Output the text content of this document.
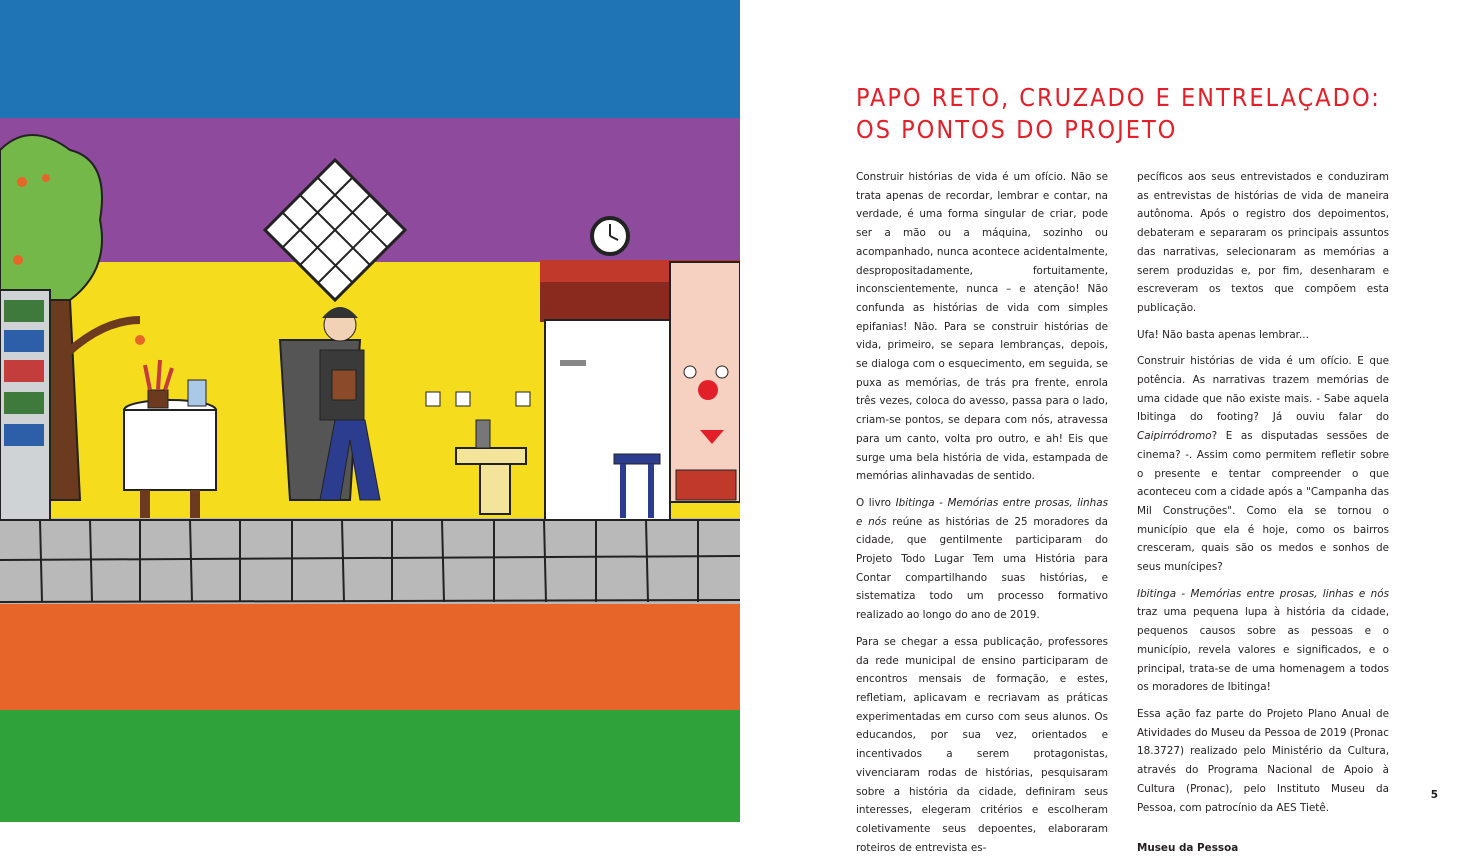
PAPO RETO, CRUZADO E ENTRELAÇADO:
OS PONTOS DO PROJETO

Construir histórias de vida é um ofício. Não se trata apenas de recordar, lembrar e contar, na verdade, é uma forma singular de criar, pode ser a mão ou a máquina, sozinho ou acompanhado, nunca acontece acidentalmente, despropositadamente, fortuitamente, inconscientemente, nunca – e atenção! Não confunda as histórias de vida com simples epifanias! Não. Para se construir histórias de vida, primeiro, se separa lembranças, depois, se dialoga com o esquecimento, em seguida, se puxa as memórias, de trás pra frente, enrola três vezes, coloca do avesso, passa para o lado, criam-se pontos, se depara com nós, atravessa para um canto, volta pro outro, e ah! Eis que surge uma bela história de vida, estampada de memórias alinhavadas de sentido.

O livro Ibitinga - Memórias entre prosas, linhas e nós reúne as histórias de 25 moradores da cidade, que gentilmente participaram do Projeto Todo Lugar Tem uma História para Contar compartilhando suas histórias, e sistematiza todo um processo formativo realizado ao longo do ano de 2019.

Para se chegar a essa publicação, professores da rede municipal de ensino participaram de encontros mensais de formação, e estes, refletiam, aplicavam e recriavam as práticas experimentadas em curso com seus alunos. Os educandos, por sua vez, orientados e incentivados a serem protagonistas, vivenciaram rodas de histórias, pesquisaram sobre a história da cidade, definiram seus interesses, elegeram critérios e escolheram coletivamente seus depoentes, elaboraram roteiros de entrevista es-

pecíficos aos seus entrevistados e conduziram as entrevistas de histórias de vida de maneira autônoma. Após o registro dos depoimentos, debateram e separaram os principais assuntos das narrativas, selecionaram as memórias a serem produzidas e, por fim, desenharam e escreveram os textos que compõem esta publicação.

Ufa! Não basta apenas lembrar...

Construir histórias de vida é um ofício. E que potência. As narrativas trazem memórias de uma cidade que não existe mais. - Sabe aquela Ibitinga do footing? Já ouviu falar do Caipirródromo? E as disputadas sessões de cinema? -. Assim como permitem refletir sobre o presente e tentar compreender o que aconteceu com a cidade após a "Campanha das Mil Construções". Como ela se tornou o município que ela é hoje, como os bairros cresceram, quais são os medos e sonhos de seus munícipes?

Ibitinga - Memórias entre prosas, linhas e nós traz uma pequena lupa à história da cidade, pequenos causos sobre as pessoas e o município, revela valores e significados, e o principal, trata-se de uma homenagem a todos os moradores de Ibitinga!

Essa ação faz parte do Projeto Plano Anual de Atividades do Museu da Pessoa de 2019 (Pronac 18.3727) realizado pelo Ministério da Cultura, através do Programa Nacional de Apoio à Cultura (Pronac), pelo Instituto Museu da Pessoa, com patrocínio da AES Tietê.

Museu da Pessoa

5
